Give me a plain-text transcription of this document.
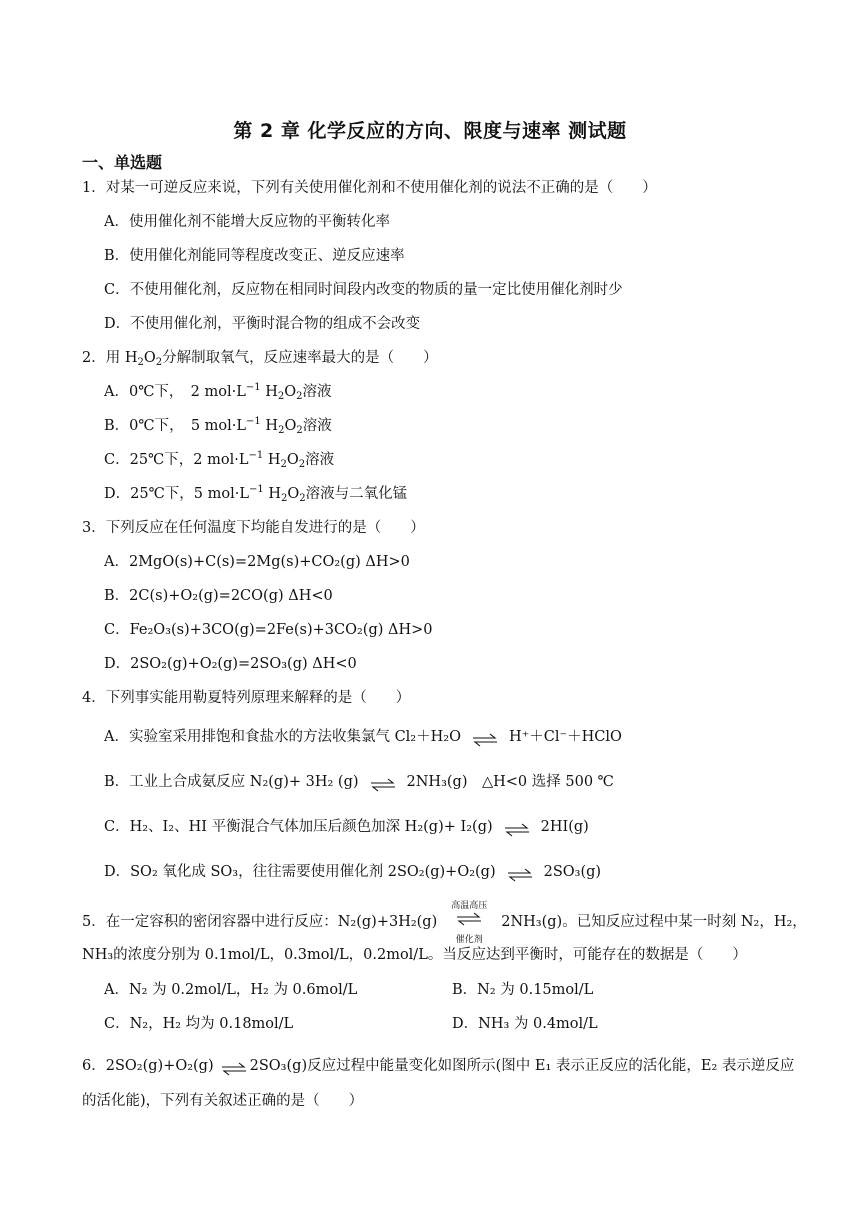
第 2 章 化学反应的方向、限度与速率 测试题
一、单选题
1．对某一可逆反应来说，下列有关使用催化剂和不使用催化剂的说法不正确的是（　　）
A．使用催化剂不能增大反应物的平衡转化率
B．使用催化剂能同等程度改变正、逆反应速率
C．不使用催化剂，反应物在相同时间段内改变的物质的量一定比使用催化剂时少
D．不使用催化剂，平衡时混合物的组成不会改变
2．用 $H_2O_2$分解制取氧气，反应速率最大的是（　　）
A．0℃下，　2 $mol\cdot L^{-1}$ $H_2O_2$溶液
B．0℃下，　5 $mol\cdot L^{-1}$ $H_2O_2$溶液
C．25℃下，2 $mol\cdot L^{-1}$ $H_2O_2$溶液
D．25℃下，5 $mol\cdot L^{-1}$ $H_2O_2$溶液与二氧化锰
3．下列反应在任何温度下均能自发进行的是（　　）
A．2MgO(s)+C(s)=2Mg(s)+CO₂(g) ΔH>0
B．2C(s)+O₂(g)=2CO(g) ΔH<0
C．Fe₂O₃(s)+3CO(g)=2Fe(s)+3CO₂(g) ΔH>0
D．2SO₂(g)+O₂(g)=2SO₃(g) ΔH<0
4．下列事实能用勒夏特列原理来解释的是（　　）
A．实验室采用排饱和食盐水的方法收集氯气 Cl₂＋H₂O ⇌ H⁺＋Cl⁻＋HClO
B．工业上合成氨反应 N₂(g)+ 3H₂ (g) ⇌ 2NH₃(g)　△H<0 选择 500 ℃
C．H₂、I₂、HI 平衡混合气体加压后颜色加深 H₂(g)+ I₂(g) ⇌ 2HI(g)
D．SO₂ 氧化成 SO₃，往往需要使用催化剂 2SO₂(g)+O₂(g) ⇌ 2SO₃(g)
5．在一定容积的密闭容器中进行反应：N₂(g)+3H₂(g)
高温高压
催化剂
2NH₃(g)。已知反应过程中某一时刻 N₂，H₂，
NH₃的浓度分别为 0.1mol/L，0.3mol/L，0.2mol/L。当反应达到平衡时，可能存在的数据是（　　）
A．N₂ 为 0.2mol/L，H₂ 为 0.6mol/L	B．N₂ 为 0.15mol/L
C．N₂，H₂ 均为 0.18mol/L	D．NH₃ 为 0.4mol/L
6．2SO₂(g)+O₂(g) ⇌ 2SO₃(g)反应过程中能量变化如图所示(图中 E₁ 表示正反应的活化能，E₂ 表示逆反应
的活化能)，下列有关叙述正确的是（　　）
